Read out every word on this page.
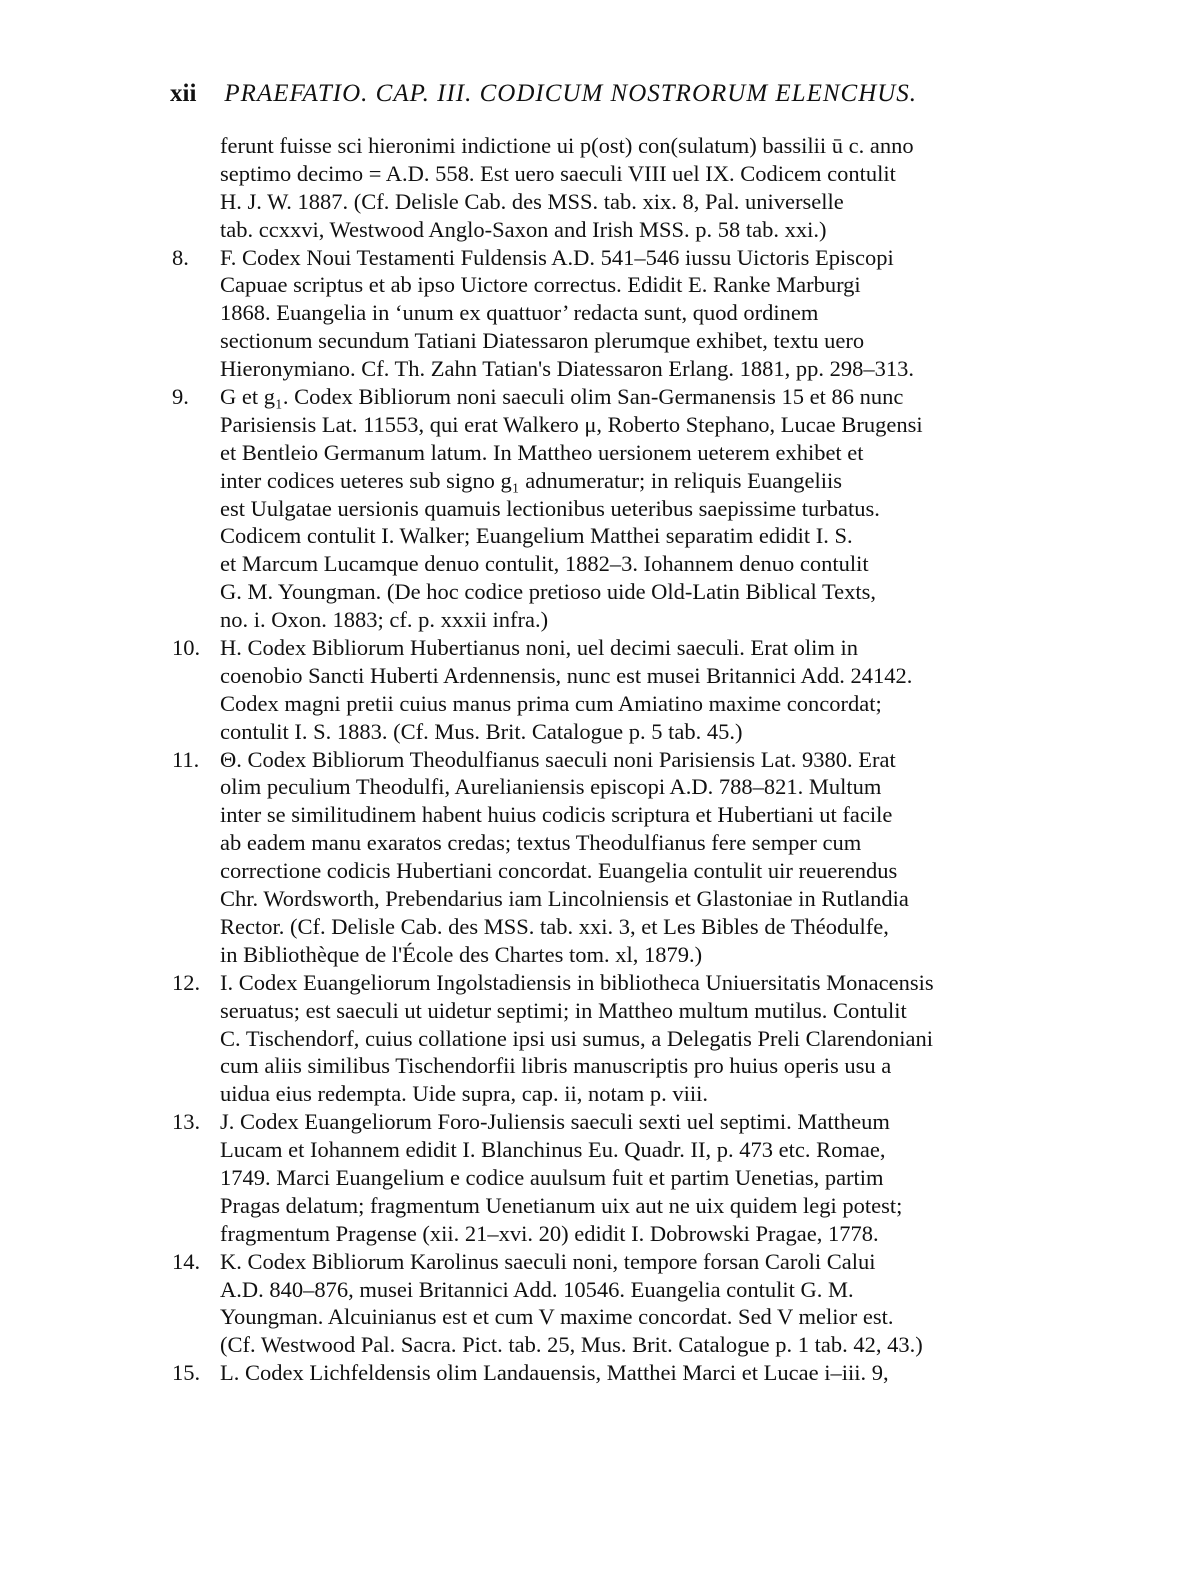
xii PRAEFATIO. CAP. III. CODICUM NOSTRORUM ELENCHUS.
ferunt fuisse sci hieronimi indictione ui p(ost) con(sulatum) bassilii ū c. anno
septimo decimo = A.D. 558. Est uero saeculi VIII uel IX. Codicem contulit
H. J. W. 1887. (Cf. Delisle Cab. des MSS. tab. xix. 8, Pal. universelle
tab. ccxxvi, Westwood Anglo-Saxon and Irish MSS. p. 58 tab. xxi.)
8. F. Codex Noui Testamenti Fuldensis A.D. 541–546 iussu Uictoris Episcopi
Capuae scriptus et ab ipso Uictore correctus. Edidit E. Ranke Marburgi
1868. Euangelia in ‘unum ex quattuor’ redacta sunt, quod ordinem
sectionum secundum Tatiani Diatessaron plerumque exhibet, textu uero
Hieronymiano. Cf. Th. Zahn Tatian's Diatessaron Erlang. 1881, pp. 298–313.
9. G et g₁. Codex Bibliorum noni saeculi olim San-Germanensis 15 et 86 nunc
Parisiensis Lat. 11553, qui erat Walkero μ, Roberto Stephano, Lucae Brugensi
et Bentleio Germanum latum. In Mattheo uersionem ueterem exhibet et
inter codices ueteres sub signo g₁ adnumeratur; in reliquis Euangeliis
est Uulgatae uersionis quamuis lectionibus ueteribus saepissime turbatus.
Codicem contulit I. Walker; Euangelium Matthei separatim edidit I. S.
et Marcum Lucamque denuo contulit, 1882–3. Iohannem denuo contulit
G. M. Youngman. (De hoc codice pretioso uide Old-Latin Biblical Texts,
no. i. Oxon. 1883; cf. p. xxxii infra.)
10. H. Codex Bibliorum Hubertianus noni, uel decimi saeculi. Erat olim in
coenobio Sancti Huberti Ardennensis, nunc est musei Britannici Add. 24142.
Codex magni pretii cuius manus prima cum Amiatino maxime concordat;
contulit I. S. 1883. (Cf. Mus. Brit. Catalogue p. 5 tab. 45.)
11. Θ. Codex Bibliorum Theodulfianus saeculi noni Parisiensis Lat. 9380. Erat
olim peculium Theodulfi, Aurelianiensis episcopi A.D. 788–821. Multum
inter se similitudinem habent huius codicis scriptura et Hubertiani ut facile
ab eadem manu exaratos credas; textus Theodulfianus fere semper cum
correctione codicis Hubertiani concordat. Euangelia contulit uir reuerendus
Chr. Wordsworth, Prebendarius iam Lincolniensis et Glastoniae in Rutlandia
Rector. (Cf. Delisle Cab. des MSS. tab. xxi. 3, et Les Bibles de Théodulfe,
in Bibliothèque de l'École des Chartes tom. xl, 1879.)
12. I. Codex Euangeliorum Ingolstadiensis in bibliotheca Uniuersitatis Monacensis
seruatus; est saeculi ut uidetur septimi; in Mattheo multum mutilus. Contulit
C. Tischendorf, cuius collatione ipsi usi sumus, a Delegatis Preli Clarendoniani
cum aliis similibus Tischendorfii libris manuscriptis pro huius operis usu a
uidua eius redempta. Uide supra, cap. ii, notam p. viii.
13. J. Codex Euangeliorum Foro-Juliensis saeculi sexti uel septimi. Mattheum
Lucam et Iohannem edidit I. Blanchinus Eu. Quadr. II, p. 473 etc. Romae,
1749. Marci Euangelium e codice auulsum fuit et partim Uenetias, partim
Pragas delatum; fragmentum Uenetianum uix aut ne uix quidem legi potest;
fragmentum Pragense (xii. 21–xvi. 20) edidit I. Dobrowski Pragae, 1778.
14. K. Codex Bibliorum Karolinus saeculi noni, tempore forsan Caroli Calui
A.D. 840–876, musei Britannici Add. 10546. Euangelia contulit G. M.
Youngman. Alcuinianus est et cum V maxime concordat. Sed V melior est.
(Cf. Westwood Pal. Sacra. Pict. tab. 25, Mus. Brit. Catalogue p. 1 tab. 42, 43.)
15. L. Codex Lichfeldensis olim Landauensis, Matthei Marci et Lucae i–iii. 9,
